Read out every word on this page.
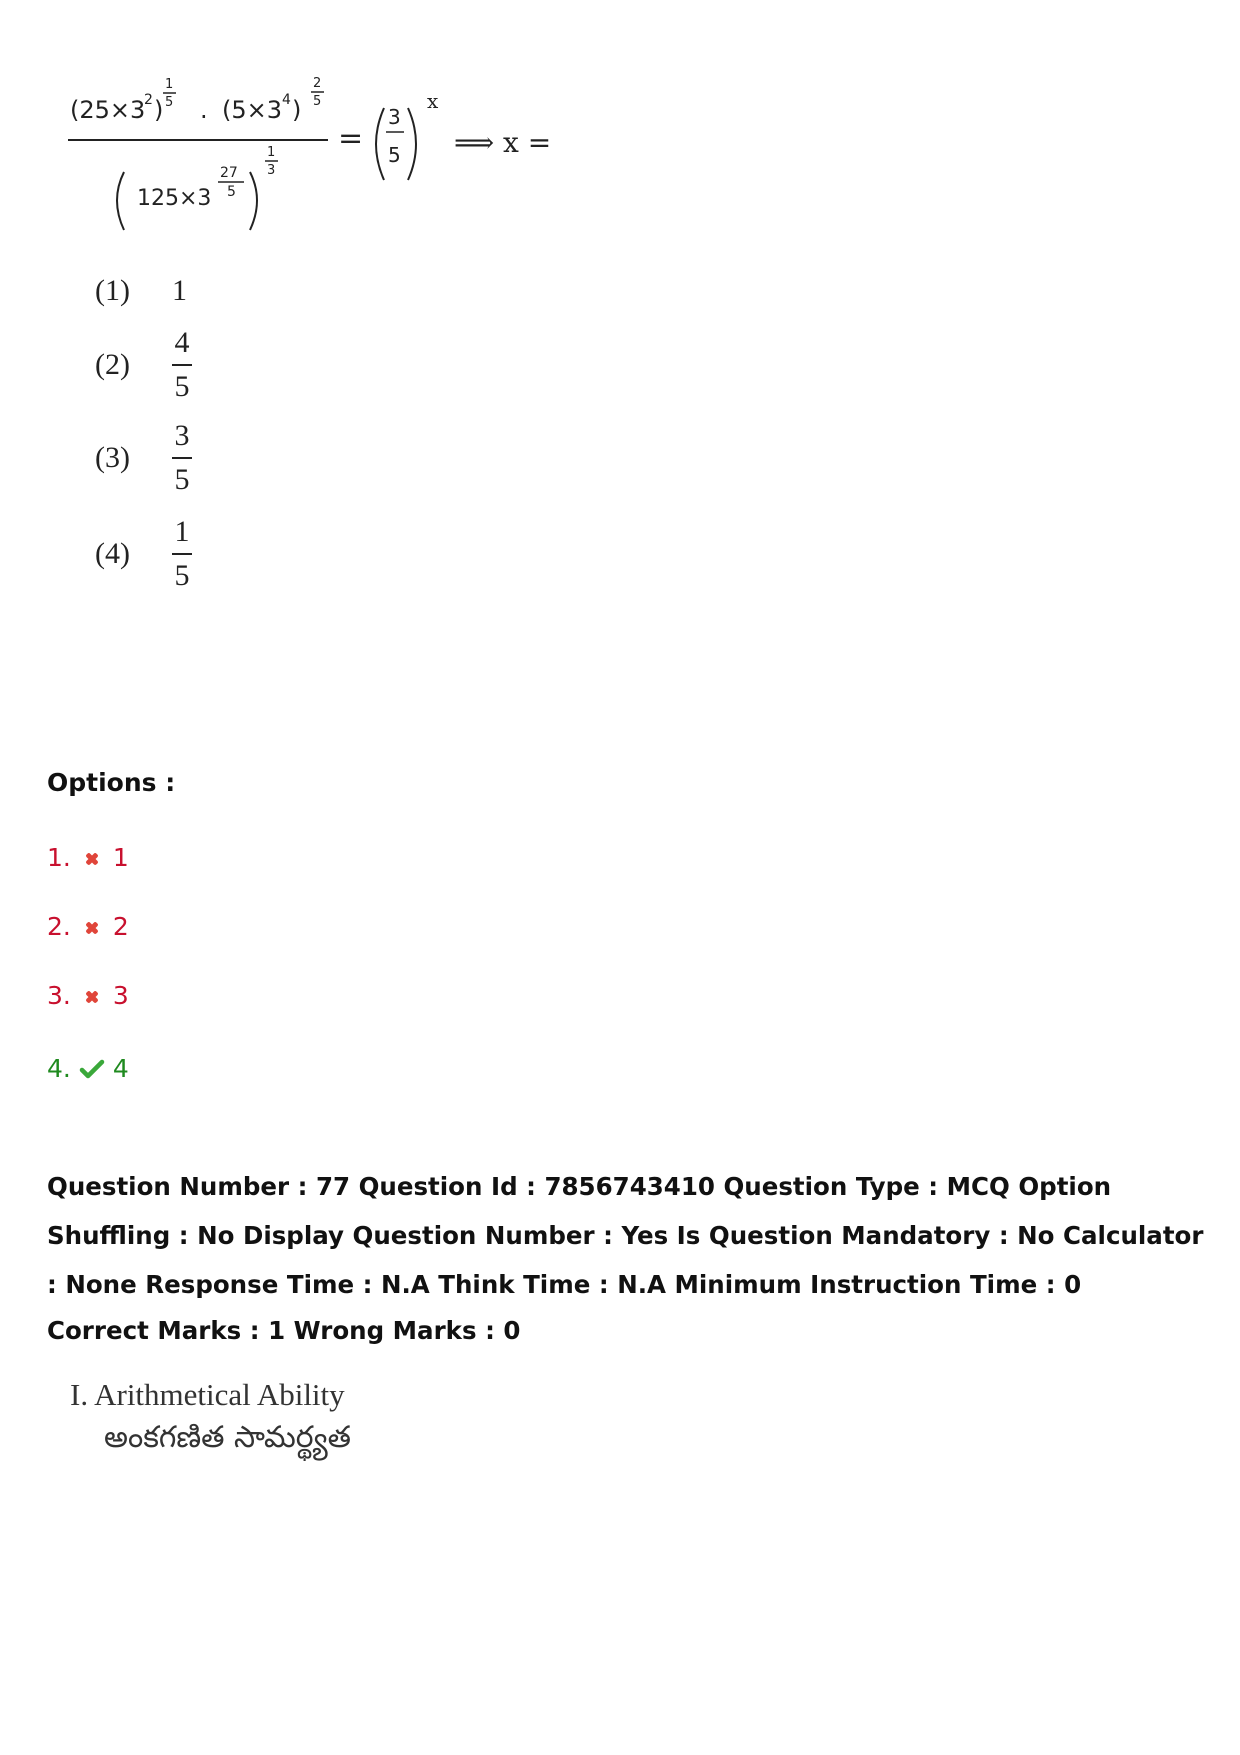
(25×3
2 )
1
5 . (5×3 4 )
2
5
125×3
27
5
1
3
=
3
5
x
⟹ x =
(1)	1
(2)	$\frac{4}{5}$
(3)	$\frac{3}{5}$
(4)	$\frac{1}{5}$
Options :
1. 1
2. 2
3. 3
4. 4
Question Number : 77 Question Id : 7856743410 Question Type : MCQ Option Shuffling : No Display Question Number : Yes Is Question Mandatory : No Calculator : None Response Time : N.A Think Time : N.A Minimum Instruction Time : 0
Correct Marks : 1 Wrong Marks : 0
I. Arithmetical Ability
అంకగణిత సామర్థ్యత
